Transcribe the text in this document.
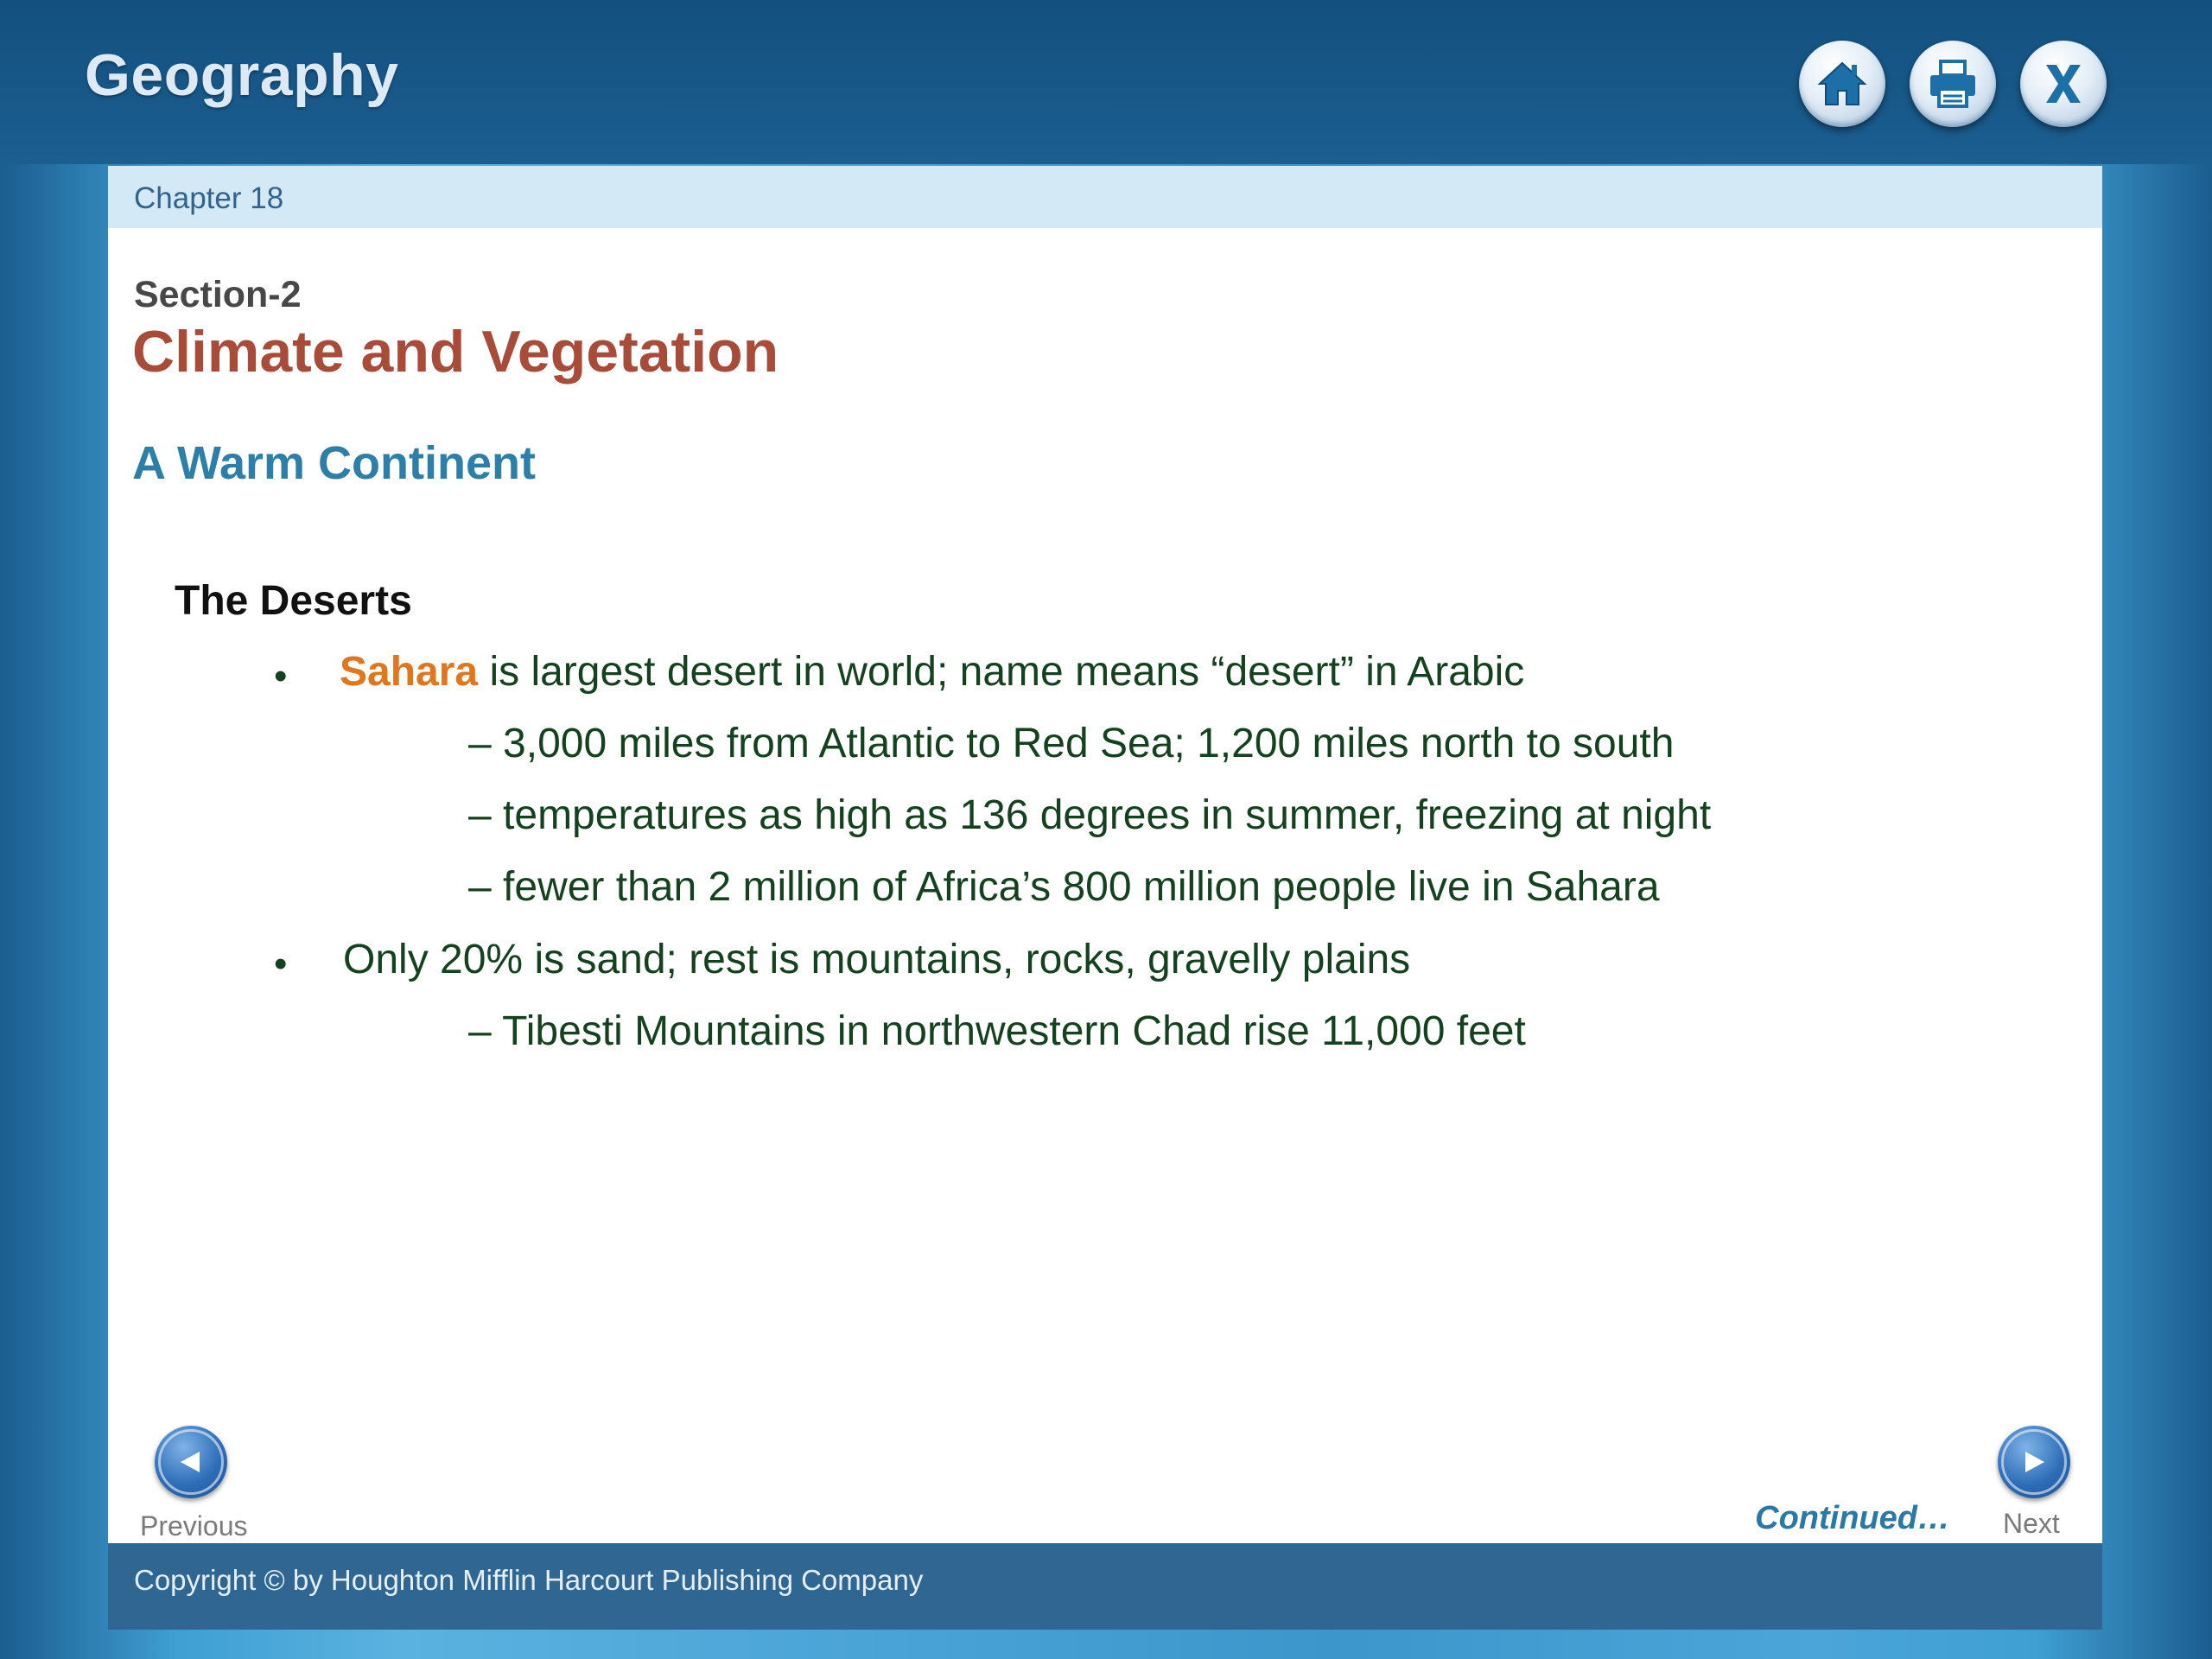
Geography
Chapter 18
Section-2
Climate and Vegetation
A Warm Continent
The Deserts
• Sahara is largest desert in world; name means “desert” in Arabic
– 3,000 miles from Atlantic to Red Sea; 1,200 miles north to south
– temperatures as high as 136 degrees in summer, freezing at night
– fewer than 2 million of Africa’s 800 million people live in Sahara
• Only 20% is sand; rest is mountains, rocks, gravelly plains
– Tibesti Mountains in northwestern Chad rise 11,000 feet
Previous	Continued… Next
Copyright © by Houghton Mifflin Harcourt Publishing Company
